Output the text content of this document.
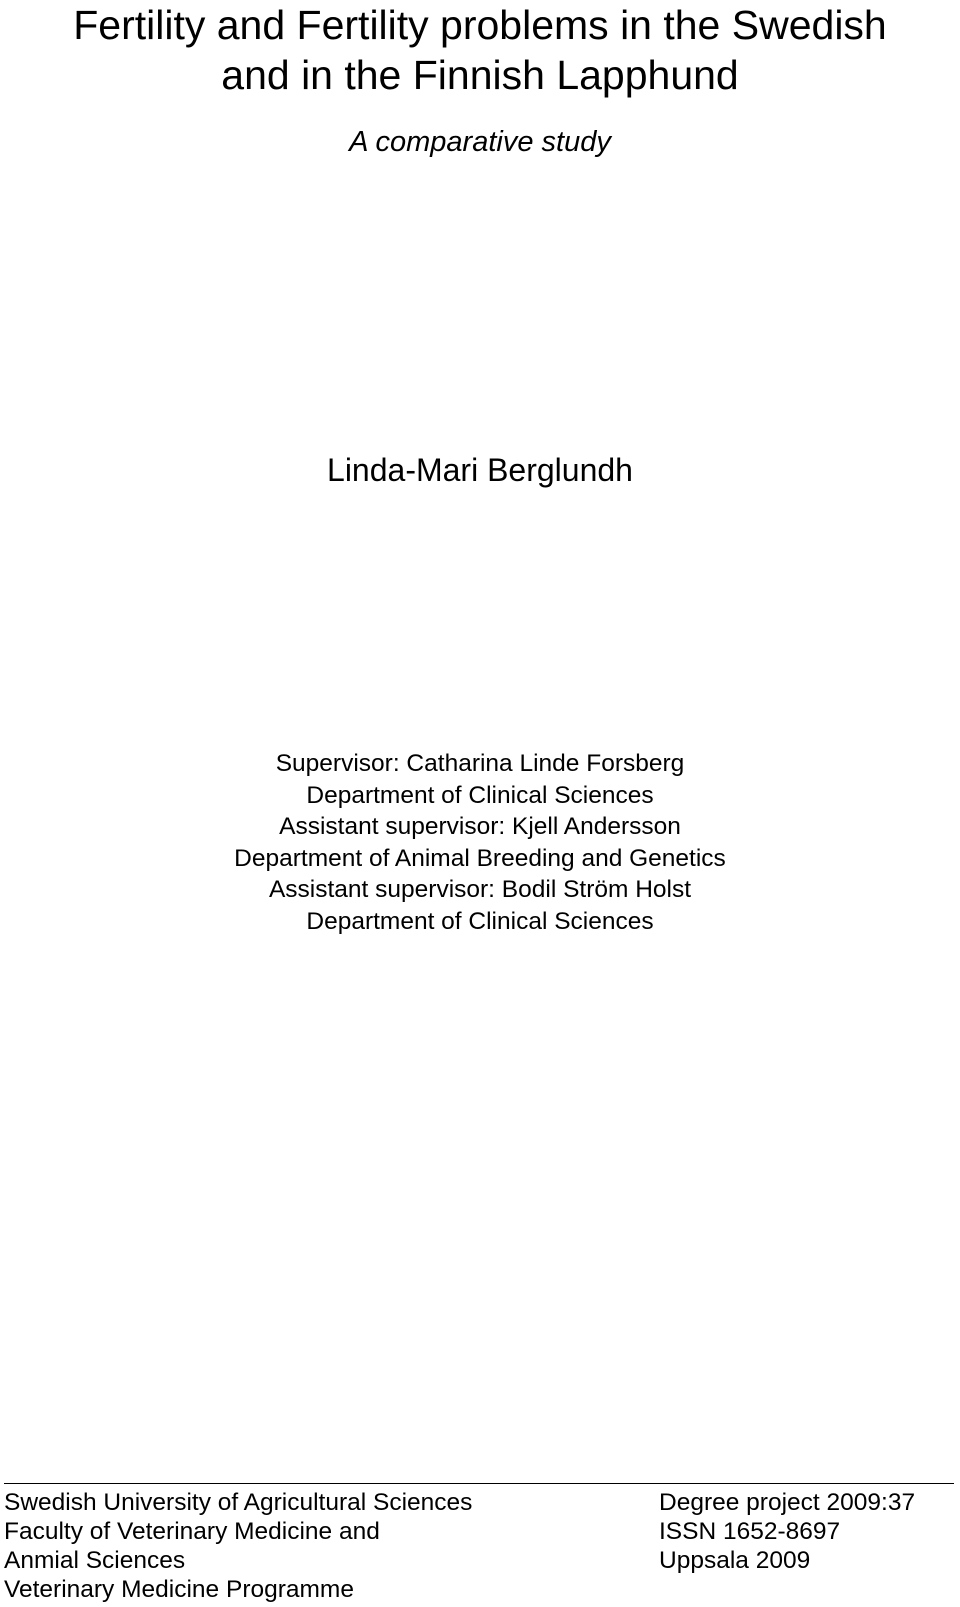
Fertility and Fertility problems in the Swedish
and in the Finnish Lapphund
A comparative study
Linda-Mari Berglundh
Supervisor: Catharina Linde Forsberg
Department of Clinical Sciences
Assistant supervisor: Kjell Andersson
Department of Animal Breeding and Genetics
Assistant supervisor: Bodil Ström Holst
Department of Clinical Sciences
Swedish University of Agricultural Sciences
Faculty of Veterinary Medicine and
Anmial Sciences
Veterinary Medicine Programme
Degree project 2009:37
ISSN 1652-8697
Uppsala 2009
